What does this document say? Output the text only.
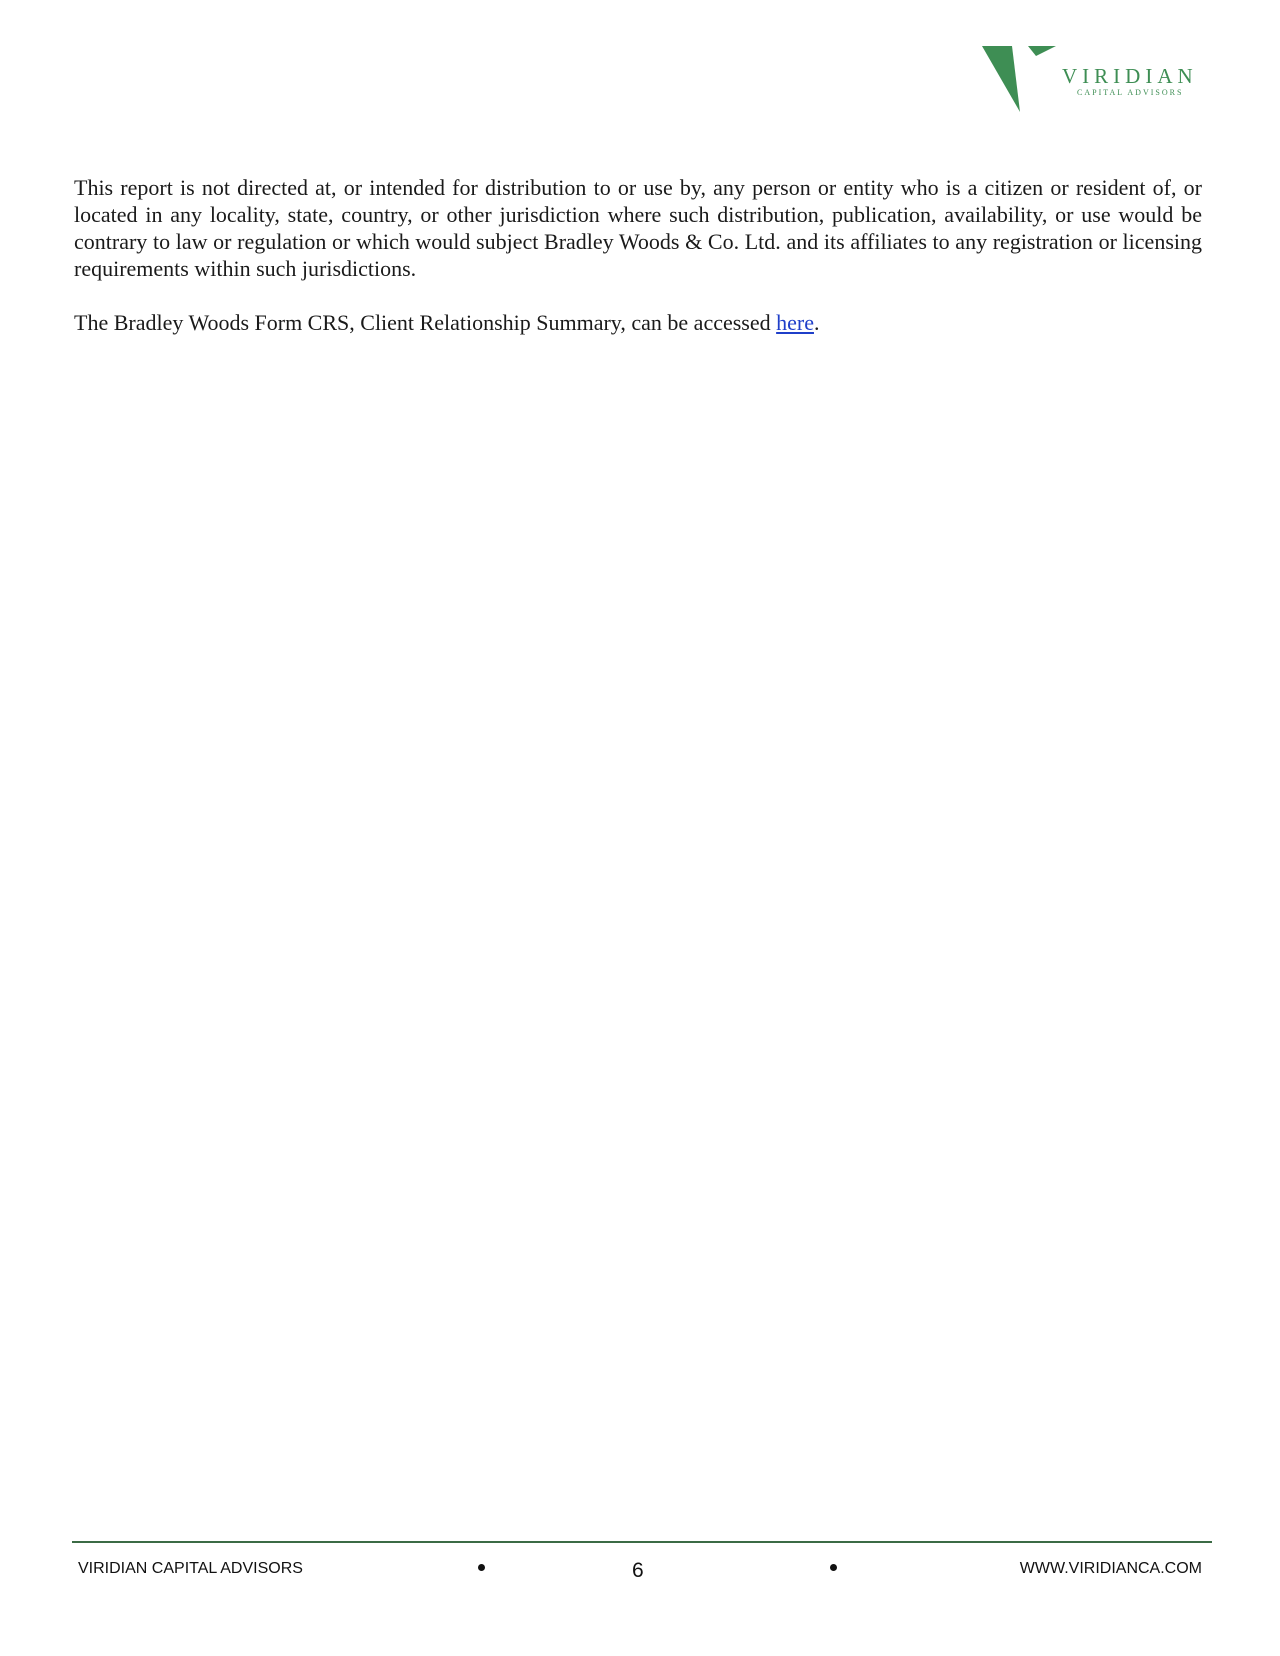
VIRIDIAN
CAPITAL ADVISORS

This report is not directed at, or intended for distribution to or use by, any person or entity who is a citizen or resident of, or located in any locality, state, country, or other jurisdiction where such distribution, publication, availability, or use would be contrary to law or regulation or which would subject Bradley Woods & Co. Ltd. and its affiliates to any registration or licensing requirements within such jurisdictions.

The Bradley Woods Form CRS, Client Relationship Summary, can be accessed here.

VIRIDIAN CAPITAL ADVISORS	6	WWW.VIRIDIANCA.COM
